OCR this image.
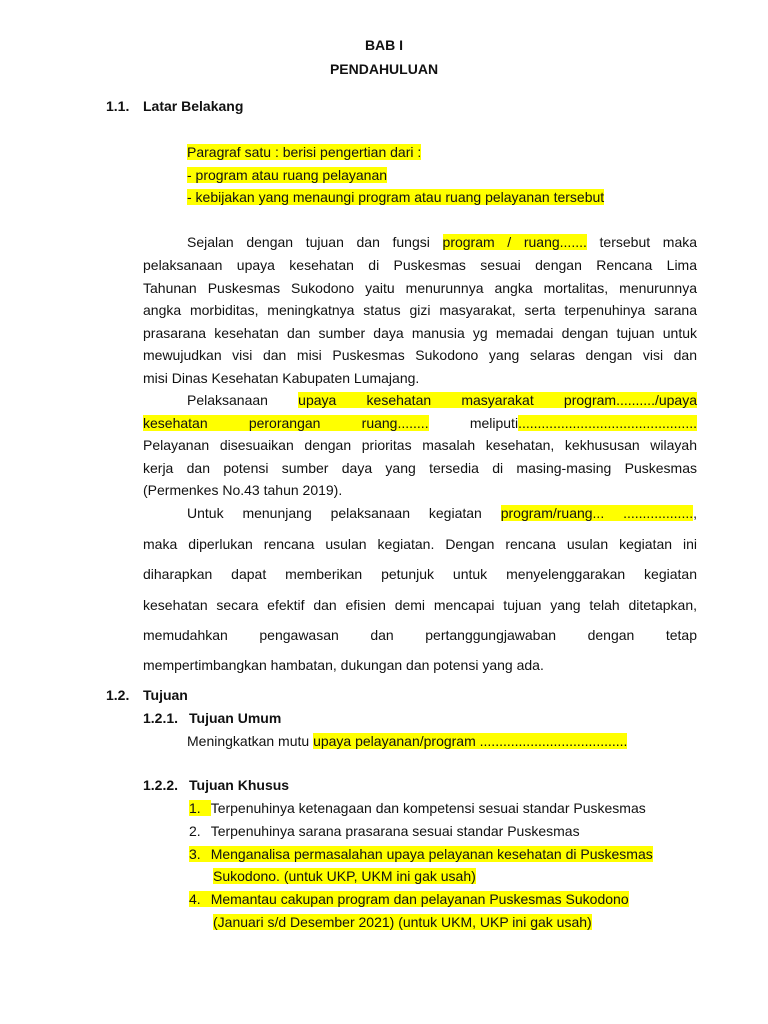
BAB I
PENDAHULUAN
1.1. Latar Belakang
Paragraf satu : berisi pengertian dari :
- program atau ruang pelayanan
- kebijakan yang menaungi program atau ruang pelayanan tersebut
Sejalan dengan tujuan dan fungsi program / ruang....... tersebut maka
pelaksanaan upaya kesehatan di Puskesmas sesuai dengan Rencana Lima
Tahunan Puskesmas Sukodono yaitu menurunnya angka mortalitas, menurunnya
angka morbiditas, meningkatnya status gizi masyarakat, serta terpenuhinya sarana
prasarana kesehatan dan sumber daya manusia yg memadai dengan tujuan untuk
mewujudkan visi dan misi Puskesmas Sukodono yang selaras dengan visi dan
misi Dinas Kesehatan Kabupaten Lumajang.
Pelaksanaan upaya kesehatan masyarakat program........../upaya
kesehatan perorangan ruang........	meliputi..............................................
Pelayanan disesuaikan dengan prioritas masalah kesehatan, kekhususan wilayah
kerja dan potensi sumber daya yang tersedia di masing-masing Puskesmas
(Permenkes No.43 tahun 2019).
Untuk menunjang pelaksanaan kegiatan program/ruang... ..................,
maka diperlukan rencana usulan kegiatan. Dengan rencana usulan kegiatan ini
diharapkan dapat memberikan petunjuk untuk menyelenggarakan kegiatan
kesehatan secara efektif dan efisien demi mencapai tujuan yang telah ditetapkan,
memudahkan pengawasan dan pertanggungjawaban dengan tetap
mempertimbangkan hambatan, dukungan dan potensi yang ada.
1.2. Tujuan
1.2.1. Tujuan Umum
Meningkatkan mutu upaya pelayanan/program ......................................
1.2.2. Tujuan Khusus
1. Terpenuhinya ketenagaan dan kompetensi sesuai standar Puskesmas
2. Terpenuhinya sarana prasarana sesuai standar Puskesmas
3. Menganalisa permasalahan upaya pelayanan kesehatan di Puskesmas
Sukodono. (untuk UKP, UKM ini gak usah)
4. Memantau cakupan program dan pelayanan Puskesmas Sukodono
(Januari s/d Desember 2021) (untuk UKM, UKP ini gak usah)
